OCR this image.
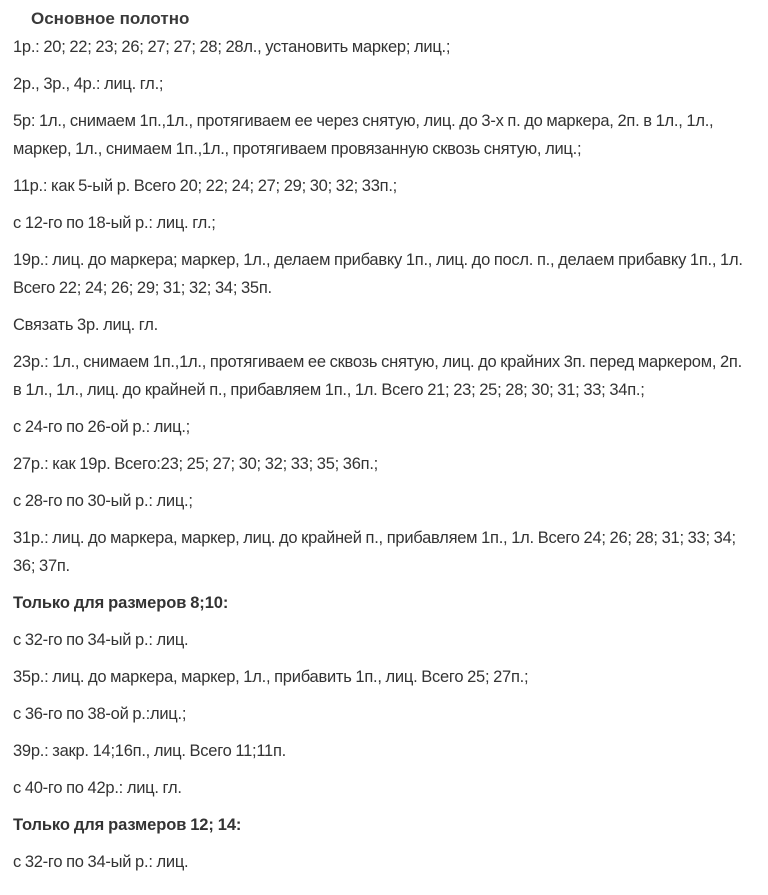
Основное полотно

1р.: 20; 22; 23; 26; 27; 27; 28; 28л., установить маркер; лиц.;

2р., 3р., 4р.: лиц. гл.;

5р: 1л., снимаем 1п.,1л., протягиваем ее через снятую, лиц. до 3-х п. до маркера, 2п. в 1л., 1л., маркер, 1л., снимаем 1п.,1л., протягиваем провязанную сквозь снятую, лиц.;

11р.: как 5-ый р. Всего 20; 22; 24; 27; 29; 30; 32; 33п.;

с 12-го по 18-ый р.: лиц. гл.;

19р.: лиц. до маркера; маркер, 1л., делаем прибавку 1п., лиц. до посл. п., делаем прибавку 1п., 1л. Всего 22; 24; 26; 29; 31; 32; 34; 35п.

Связать 3р. лиц. гл.

23р.: 1л., снимаем 1п.,1л., протягиваем ее сквозь снятую, лиц. до крайних 3п. перед маркером, 2п. в 1л., 1л., лиц. до крайней п., прибавляем 1п., 1л. Всего 21; 23; 25; 28; 30; 31; 33; 34п.;

с 24-го по 26-ой р.: лиц.;

27р.: как 19р. Всего:23; 25; 27; 30; 32; 33; 35; 36п.;

с 28-го по 30-ый р.: лиц.;

31р.: лиц. до маркера, маркер, лиц. до крайней п., прибавляем 1п., 1л. Всего 24; 26; 28; 31; 33; 34; 36; 37п.

Только для размеров 8;10:

с 32-го по 34-ый р.: лиц.

35р.: лиц. до маркера, маркер, 1л., прибавить 1п., лиц. Всего 25; 27п.;

с 36-го по 38-ой р.:лиц.;

39р.: закр. 14;16п., лиц. Всего 11;11п.

с 40-го по 42р.: лиц. гл.

Только для размеров 12; 14:

с 32-го по 34-ый р.: лиц.
